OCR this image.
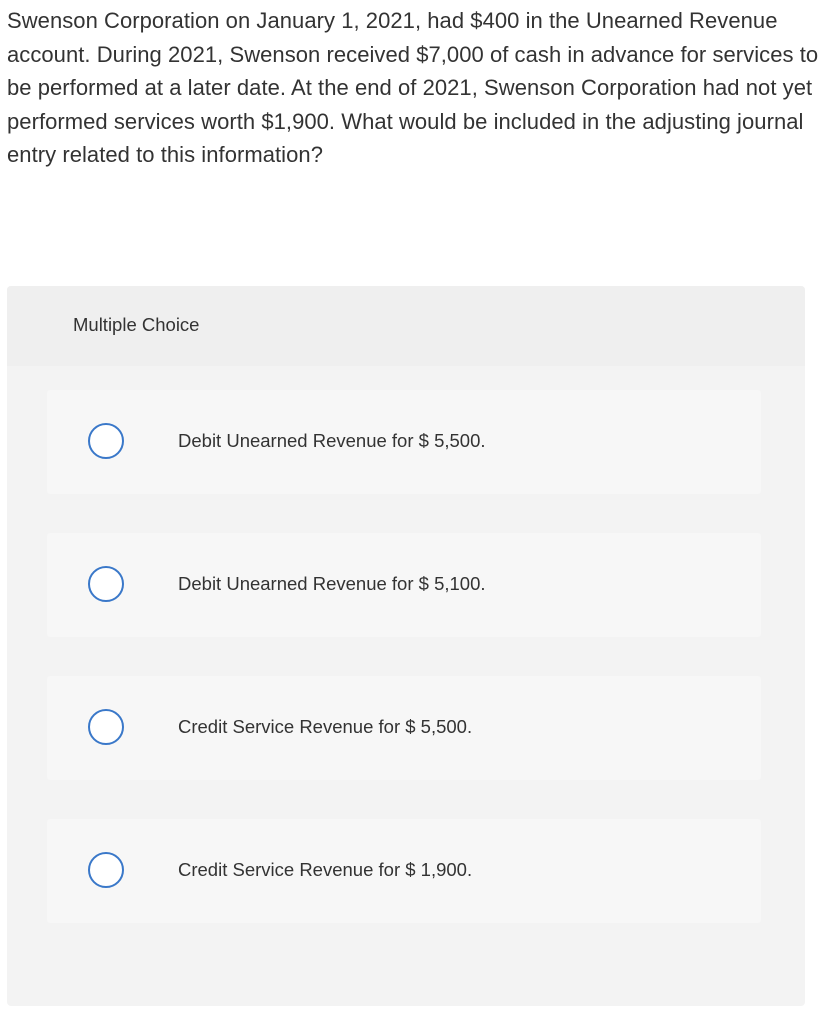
Swenson Corporation on January 1, 2021, had $400 in the Unearned Revenue account. During 2021, Swenson received $7,000 of cash in advance for services to be performed at a later date. At the end of 2021, Swenson Corporation had not yet performed services worth $1,900. What would be included in the adjusting journal entry related to this information?

Multiple Choice
Debit Unearned Revenue for $ 5,500.
Debit Unearned Revenue for $ 5,100.
Credit Service Revenue for $ 5,500.
Credit Service Revenue for $ 1,900.
